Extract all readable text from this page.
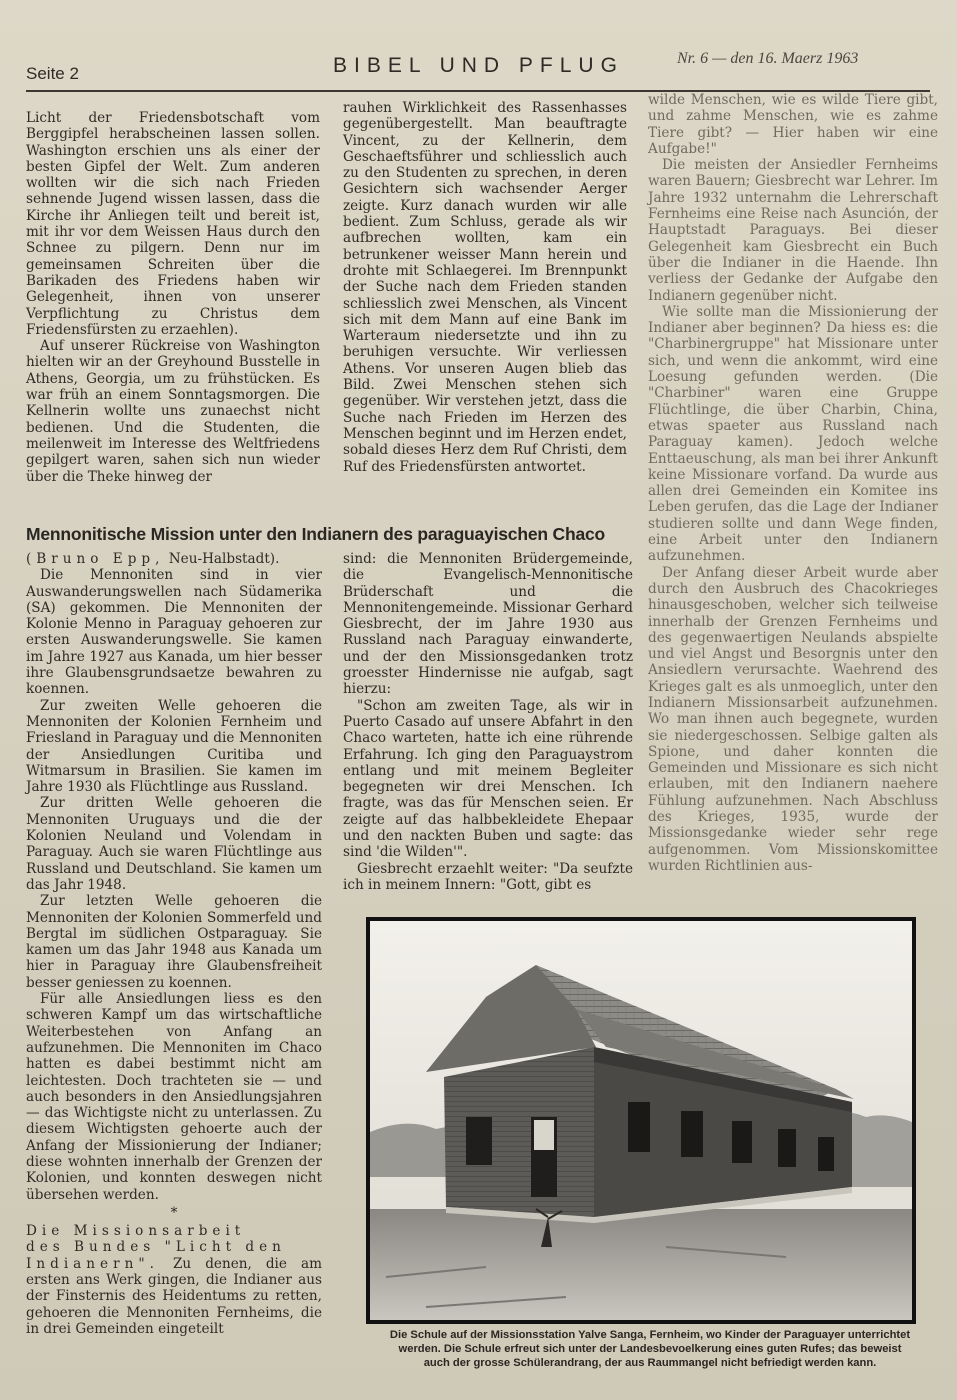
Seite 2	BIBEL UND PFLUG	Nr. 6 — den 16. Maerz 1963

Licht der Friedensbotschaft vom Berggipfel herabscheinen lassen sollen. Washington erschien uns als einer der besten Gipfel der Welt. Zum anderen wollten wir die sich nach Frieden sehnende Jugend wissen lassen, dass die Kirche ihr Anliegen teilt und bereit ist, mit ihr vor dem Weissen Haus durch den Schnee zu pilgern. Denn nur im gemeinsamen Schreiten über die Barikaden des Friedens haben wir Gelegenheit, ihnen von unserer Verpflichtung zu Christus dem Friedensfürsten zu erzaehlen).

Auf unserer Rückreise von Washington hielten wir an der Greyhound Busstelle in Athens, Georgia, um zu frühstücken. Es war früh an einem Sonntagsmorgen. Die Kellnerin wollte uns zunaechst nicht bedienen. Und die Studenten, die meilenweit im Interesse des Weltfriedens gepilgert waren, sahen sich nun wieder über die Theke hinweg der

rauhen Wirklichkeit des Rassenhasses gegenübergestellt. Man beauftragte Vincent, zu der Kellnerin, dem Geschaeftsführer und schliesslich auch zu den Studenten zu sprechen, in deren Gesichtern sich wachsender Aerger zeigte. Kurz danach wurden wir alle bedient. Zum Schluss, gerade als wir aufbrechen wollten, kam ein betrunkener weisser Mann herein und drohte mit Schlaegerei. Im Brennpunkt der Suche nach dem Frieden standen schliesslich zwei Menschen, als Vincent sich mit dem Mann auf eine Bank im Warteraum niedersetzte und ihn zu beruhigen versuchte. Wir verliessen Athens. Vor unseren Augen blieb das Bild. Zwei Menschen stehen sich gegenüber. Wir verstehen jetzt, dass die Suche nach Frieden im Herzen des Menschen beginnt und im Herzen endet, sobald dieses Herz dem Ruf Christi, dem Ruf des Friedensfürsten antwortet.

wilde Menschen, wie es wilde Tiere gibt, und zahme Menschen, wie es zahme Tiere gibt? — Hier haben wir eine Aufgabe!"

Die meisten der Ansiedler Fernheims waren Bauern; Giesbrecht war Lehrer. Im Jahre 1932 unternahm die Lehrerschaft Fernheims eine Reise nach Asunción, der Hauptstadt Paraguays. Bei dieser Gelegenheit kam Giesbrecht ein Buch über die Indianer in die Haende. Ihn verliess der Gedanke der Aufgabe den Indianern gegenüber nicht.

Wie sollte man die Missionierung der Indianer aber beginnen? Da hiess es: die "Charbinergruppe" hat Missionare unter sich, und wenn die ankommt, wird eine Loesung gefunden werden. (Die "Charbiner" waren eine Gruppe Flüchtlinge, die über Charbin, China, etwas spaeter aus Russland nach Paraguay kamen). Jedoch welche Enttaeuschung, als man bei ihrer Ankunft keine Missionare vorfand. Da wurde aus allen drei Gemeinden ein Komitee ins Leben gerufen, das die Lage der Indianer studieren sollte und dann Wege finden, eine Arbeit unter den Indianern aufzunehmen.

Der Anfang dieser Arbeit wurde aber durch den Ausbruch des Chacokrieges hinausgeschoben, welcher sich teilweise innerhalb der Grenzen Fernheims und des gegenwaertigen Neulands abspielte und viel Angst und Besorgnis unter den Ansiedlern verursachte. Waehrend des Krieges galt es als unmoeglich, unter den Indianern Missionsarbeit aufzunehmen. Wo man ihnen auch begegnete, wurden sie niedergeschossen. Selbige galten als Spione, und daher konnten die Gemeinden und Missionare es sich nicht erlauben, mit den Indianern naehere Fühlung aufzunehmen. Nach Abschluss des Krieges, 1935, wurde der Missionsgedanke wieder sehr rege aufgenommen. Vom Missionskomittee wurden Richtlinien aus-

Mennonitische Mission unter den Indianern des paraguayischen Chaco

(Bruno Epp, Neu-Halbstadt).

Die Mennoniten sind in vier Auswanderungswellen nach Südamerika (SA) gekommen. Die Mennoniten der Kolonie Menno in Paraguay gehoeren zur ersten Auswanderungswelle. Sie kamen im Jahre 1927 aus Kanada, um hier besser ihre Glaubensgrundsaetze bewahren zu koennen.

Zur zweiten Welle gehoeren die Mennoniten der Kolonien Fernheim und Friesland in Paraguay und die Mennoniten der Ansiedlungen Curitiba und Witmarsum in Brasilien. Sie kamen im Jahre 1930 als Flüchtlinge aus Russland.

Zur dritten Welle gehoeren die Mennoniten Uruguays und die der Kolonien Neuland und Volendam in Paraguay. Auch sie waren Flüchtlinge aus Russland und Deutschland. Sie kamen um das Jahr 1948.

Zur letzten Welle gehoeren die Mennoniten der Kolonien Sommerfeld und Bergtal im südlichen Ostparaguay. Sie kamen um das Jahr 1948 aus Kanada um hier in Paraguay ihre Glaubensfreiheit besser geniessen zu koennen.

Für alle Ansiedlungen liess es den schweren Kampf um das wirtschaftliche Weiterbestehen von Anfang an aufzunehmen. Die Mennoniten im Chaco hatten es dabei bestimmt nicht am leichtesten. Doch trachteten sie — und auch besonders in den Ansiedlungsjahren — das Wichtigste nicht zu unterlassen. Zu diesem Wichtigsten gehoerte auch der Anfang der Missionierung der Indianer; diese wohnten innerhalb der Grenzen der Kolonien, und konnten deswegen nicht übersehen werden.

*

Die Missionsarbeit
des Bundes "Licht den
Indianern". Zu denen, die am ersten ans Werk gingen, die Indianer aus der Finsternis des Heidentums zu retten, gehoeren die Mennoniten Fernheims, die in drei Gemeinden eingeteilt

sind: die Mennoniten Brüdergemeinde, die Evangelisch-Mennonitische Brüderschaft und die Mennonitengemeinde. Missionar Gerhard Giesbrecht, der im Jahre 1930 aus Russland nach Paraguay einwanderte, und der den Missionsgedanken trotz groesster Hindernisse nie aufgab, sagt hierzu:

"Schon am zweiten Tage, als wir in Puerto Casado auf unsere Abfahrt in den Chaco warteten, hatte ich eine rührende Erfahrung. Ich ging den Paraguaystrom entlang und mit meinem Begleiter begegneten wir drei Menschen. Ich fragte, was das für Menschen seien. Er zeigte auf das halbbekleidete Ehepaar und den nackten Buben und sagte: das sind 'die Wilden'".

Giesbrecht erzaehlt weiter: "Da seufzte ich in meinem Innern: "Gott, gibt es

Die Schule auf der Missionsstation Yalve Sanga, Fernheim, wo Kinder der Paraguayer unterrichtet werden. Die Schule erfreut sich unter der Landesbevoelkerung eines guten Rufes; das beweist auch der grosse Schülerandrang, der aus Raummangel nicht befriedigt werden kann.
